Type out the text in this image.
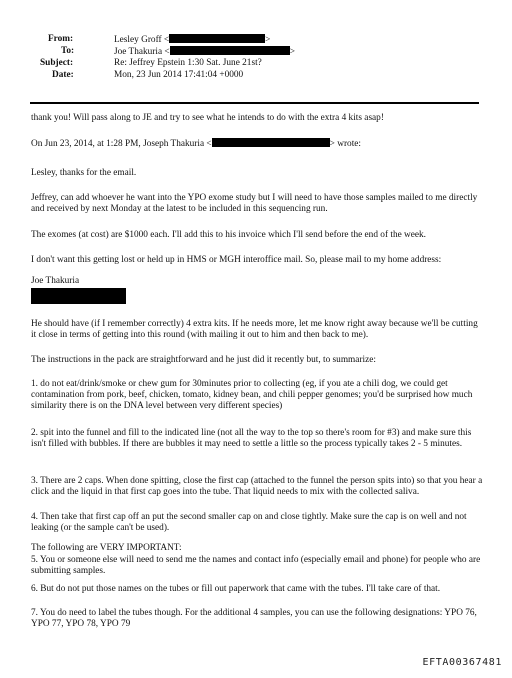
From:	Lesley Groff <	>
To:	Joe Thakuria <	>
Subject:	Re: Jeffrey Epstein 1:30 Sat. June 21st?
Date:	Mon, 23 Jun 2014 17:41:04 +0000

thank you! Will pass along to JE and try to see what he intends to do with the extra 4 kits asap!

On Jun 23, 2014, at 1:28 PM, Joseph Thakuria <	> wrote:

Lesley, thanks for the email.

Jeffrey, can add whoever he want into the YPO exome study but I will need to have those samples mailed to me directly and received by next Monday at the latest to be included in this sequencing run.

The exomes (at cost) are $1000 each. I'll add this to his invoice which I'll send before the end of the week.

I don't want this getting lost or held up in HMS or MGH interoffice mail. So, please mail to my home address:

Joe Thakuria

He should have (if I remember correctly) 4 extra kits. If he needs more, let me know right away because we'll be cutting it close in terms of getting into this round (with mailing it out to him and then back to me).

The instructions in the pack are straightforward and he just did it recently but, to summarize:

1. do not eat/drink/smoke or chew gum for 30minutes prior to collecting (eg, if you ate a chili dog, we could get contamination from pork, beef, chicken, tomato, kidney bean, and chili pepper genomes; you'd be surprised how much similarity there is on the DNA level between very different species)

2. spit into the funnel and fill to the indicated line (not all the way to the top so there's room for #3) and make sure this isn't filled with bubbles. If there are bubbles it may need to settle a little so the process typically takes 2 - 5 minutes.

3. There are 2 caps. When done spitting, close the first cap (attached to the funnel the person spits into) so that you hear a click and the liquid in that first cap goes into the tube. That liquid needs to mix with the collected saliva.

4. Then take that first cap off an put the second smaller cap on and close tightly. Make sure the cap is on well and not leaking (or the sample can't be used).

The following are VERY IMPORTANT:

5. You or someone else will need to send me the names and contact info (especially email and phone) for people who are submitting samples.

6. But do not put those names on the tubes or fill out paperwork that came with the tubes. I'll take care of that.

7. You do need to label the tubes though. For the additional 4 samples, you can use the following designations: YPO 76, YPO 77, YPO 78, YPO 79

EFTA00367481
